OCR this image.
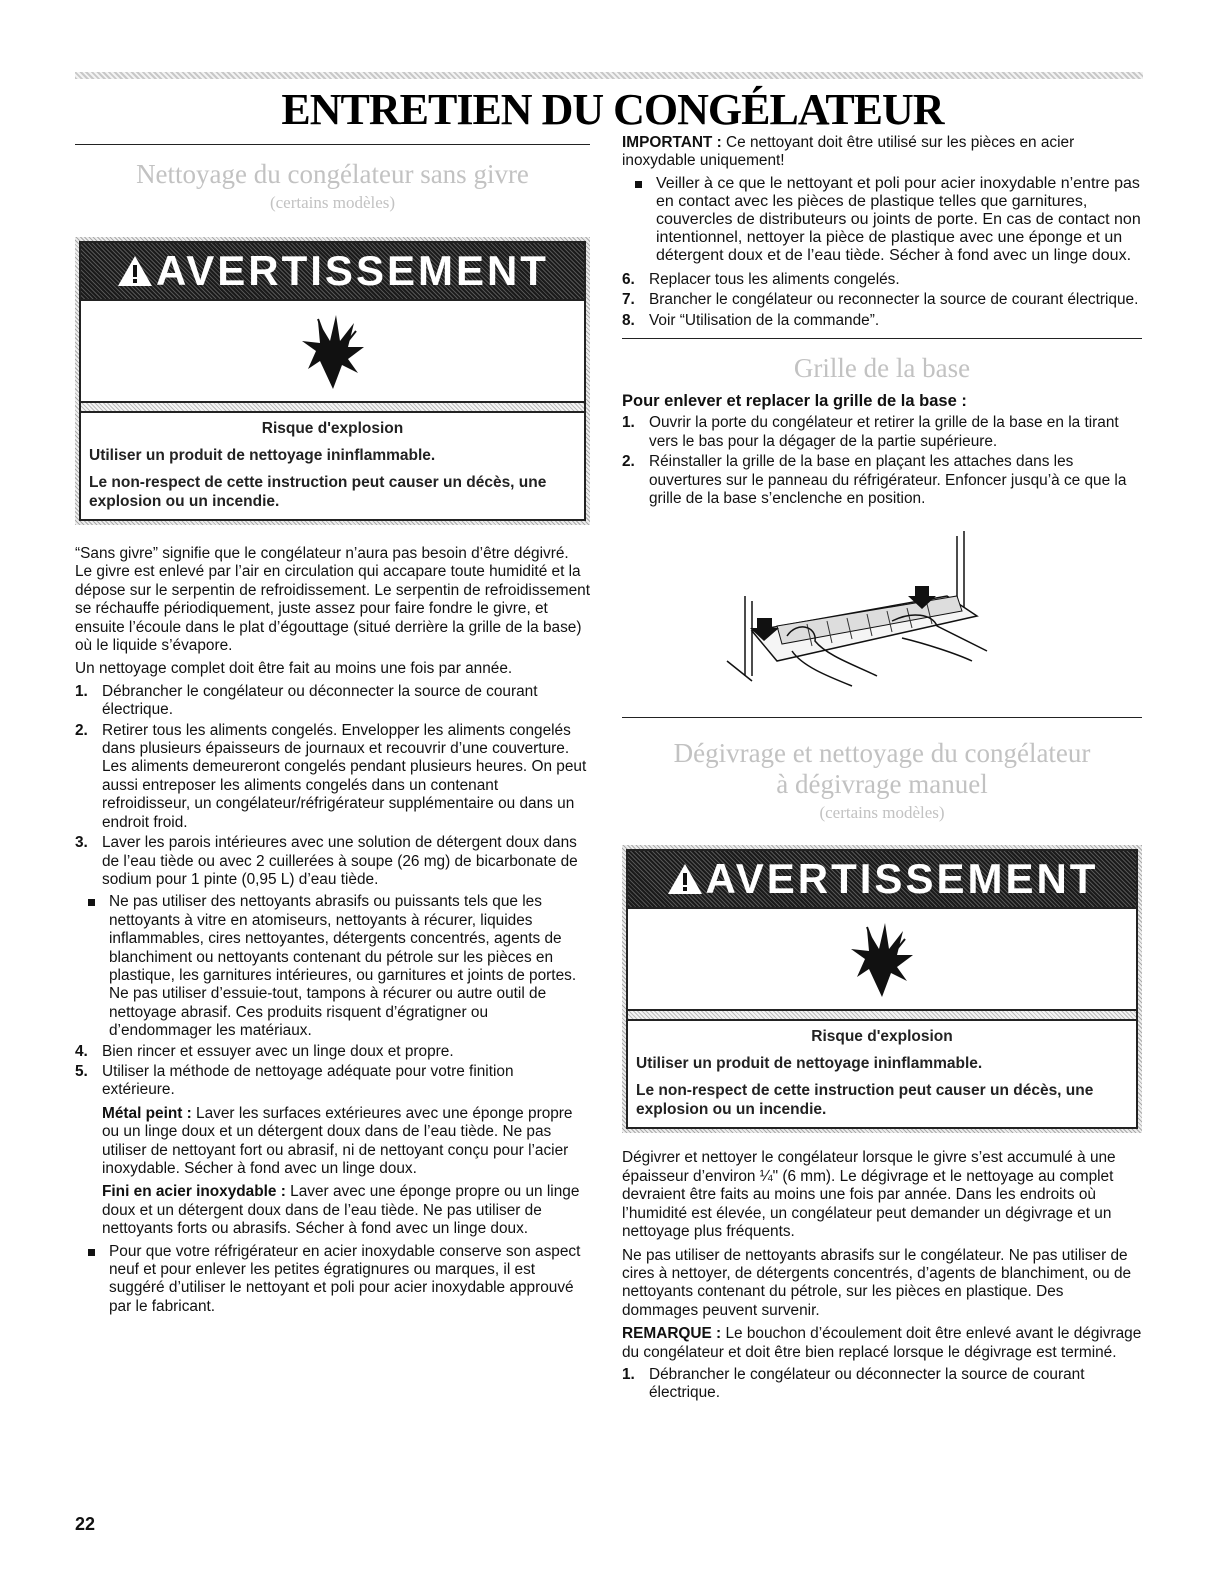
ENTRETIEN DU CONGÉLATEUR
Nettoyage du congélateur sans givre
(certains modèles)
AVERTISSEMENT

Risque d'explosion

Utiliser un produit de nettoyage ininflammable.

Le non-respect de cette instruction peut causer un décès, une explosion ou un incendie.

“Sans givre” signifie que le congélateur n’aura pas besoin d’être dégivré. Le givre est enlevé par l’air en circulation qui accapare toute humidité et la dépose sur le serpentin de refroidissement. Le serpentin de refroidissement se réchauffe périodiquement, juste assez pour faire fondre le givre, et ensuite l’écoule dans le plat d’égouttage (situé derrière la grille de la base) où le liquide s’évapore.

Un nettoyage complet doit être fait au moins une fois par année.

1. Débrancher le congélateur ou déconnecter la source de courant électrique.
2. Retirer tous les aliments congelés. Envelopper les aliments congelés dans plusieurs épaisseurs de journaux et recouvrir d’une couverture. Les aliments demeureront congelés pendant plusieurs heures. On peut aussi entreposer les aliments congelés dans un contenant refroidisseur, un congélateur/réfrigérateur supplémentaire ou dans un endroit froid.
3. Laver les parois intérieures avec une solution de détergent doux dans de l’eau tiède ou avec 2 cuillerées à soupe (26 mg) de bicarbonate de sodium pour 1 pinte (0,95 L) d’eau tiède.
Ne pas utiliser des nettoyants abrasifs ou puissants tels que les nettoyants à vitre en atomiseurs, nettoyants à récurer, liquides inflammables, cires nettoyantes, détergents concentrés, agents de blanchiment ou nettoyants contenant du pétrole sur les pièces en plastique, les garnitures intérieures, ou garnitures et joints de portes. Ne pas utiliser d’essuie-tout, tampons à récurer ou autre outil de nettoyage abrasif. Ces produits risquent d’égratigner ou d’endommager les matériaux.
4. Bien rincer et essuyer avec un linge doux et propre.
5. Utiliser la méthode de nettoyage adéquate pour votre finition extérieure.

Métal peint : Laver les surfaces extérieures avec une éponge propre ou un linge doux et un détergent doux dans de l’eau tiède. Ne pas utiliser de nettoyant fort ou abrasif, ni de nettoyant conçu pour l’acier inoxydable. Sécher à fond avec un linge doux.

Fini en acier inoxydable : Laver avec une éponge propre ou un linge doux et un détergent doux dans de l’eau tiède. Ne pas utiliser de nettoyants forts ou abrasifs. Sécher à fond avec un linge doux.

Pour que votre réfrigérateur en acier inoxydable conserve son aspect neuf et pour enlever les petites égratignures ou marques, il est suggéré d’utiliser le nettoyant et poli pour acier inoxydable approuvé par le fabricant.

IMPORTANT : Ce nettoyant doit être utilisé sur les pièces en acier inoxydable uniquement!

Veiller à ce que le nettoyant et poli pour acier inoxydable n’entre pas en contact avec les pièces de plastique telles que garnitures, couvercles de distributeurs ou joints de porte. En cas de contact non intentionnel, nettoyer la pièce de plastique avec une éponge et un détergent doux et de l’eau tiède. Sécher à fond avec un linge doux.
6. Replacer tous les aliments congelés.
7. Brancher le congélateur ou reconnecter la source de courant électrique.
8. Voir “Utilisation de la commande”.
Grille de la base

Pour enlever et replacer la grille de la base :

1. Ouvrir la porte du congélateur et retirer la grille de la base en la tirant vers le bas pour la dégager de la partie supérieure.
2. Réinstaller la grille de la base en plaçant les attaches dans les ouvertures sur le panneau du réfrigérateur. Enfoncer jusqu’à ce que la grille de la base s’enclenche en position.
Dégivrage et nettoyage du congélateur
à dégivrage manuel
(certains modèles)
AVERTISSEMENT

Risque d'explosion

Utiliser un produit de nettoyage ininflammable.

Le non-respect de cette instruction peut causer un décès, une explosion ou un incendie.

Dégivrer et nettoyer le congélateur lorsque le givre s’est accumulé à une épaisseur d’environ ¼" (6 mm). Le dégivrage et le nettoyage au complet devraient être faits au moins une fois par année. Dans les endroits où l’humidité est élevée, un congélateur peut demander un dégivrage et un nettoyage plus fréquents.

Ne pas utiliser de nettoyants abrasifs sur le congélateur. Ne pas utiliser de cires à nettoyer, de détergents concentrés, d’agents de blanchiment, ou de nettoyants contenant du pétrole, sur les pièces en plastique. Des dommages peuvent survenir.

REMARQUE : Le bouchon d’écoulement doit être enlevé avant le dégivrage du congélateur et doit être bien replacé lorsque le dégivrage est terminé.

1. Débrancher le congélateur ou déconnecter la source de courant électrique.
22
